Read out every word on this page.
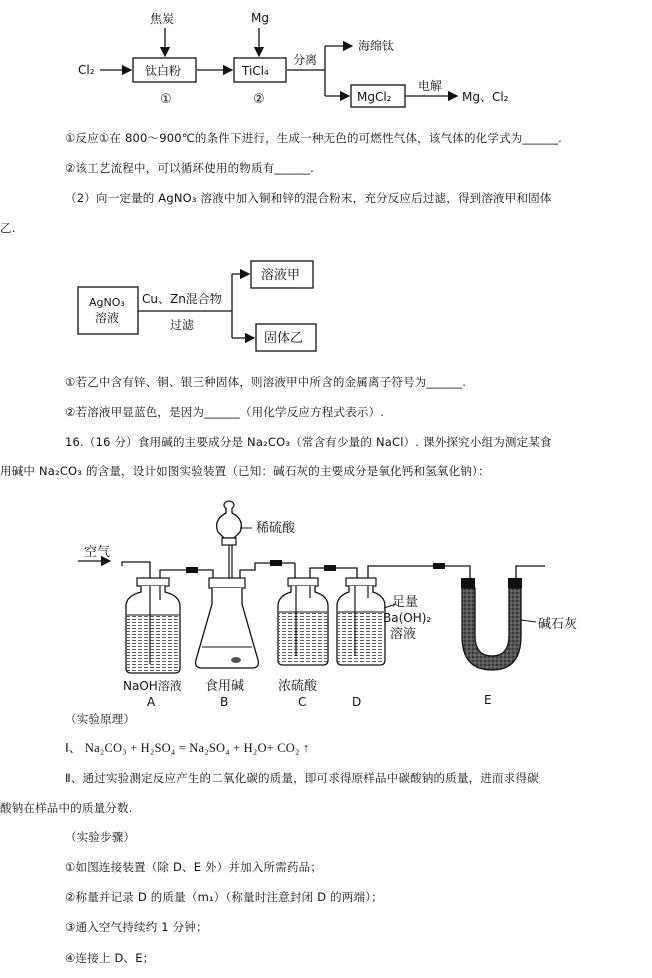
焦炭	Mg
Cl₂	钛白粉	TiCl₄
分离
海绵钛
MgCl₂
电解
Mg、Cl₂
①	②
①反应①在 800～900℃的条件下进行，生成一种无色的可燃性气体，该气体的化学式为______.
②该工艺流程中，可以循环使用的物质有______.
（2）向一定量的 AgNO₃ 溶液中加入铜和锌的混合粉末，充分反应后过滤，得到溶液甲和固体
乙.
AgNO₃
溶液
Cu、Zn混合物
过滤
溶液甲
固体乙
①若乙中含有锌、铜、银三种固体，则溶液甲中所含的金属离子符号为______.
②若溶液甲显蓝色，是因为______（用化学反应方程式表示）.
16.（16 分）食用碱的主要成分是 Na₂CO₃（常含有少量的 NaCl）. 课外探究小组为测定某食
用碱中 Na₂CO₃ 的含量，设计如图实验装置（已知：碱石灰的主要成分是氧化钙和氢氧化钠）：
空气
稀硫酸
NaOH溶液 食用碱	浓硫酸
足量
Ba(OH)₂
溶液
碱石灰
A	B	C	D	E
（实验原理）
Ⅰ、 Na₂CO₃ + H₂SO₄ = Na₂SO₄ + H₂O+ CO₂ ↑
Ⅱ、通过实验测定反应产生的二氧化碳的质量，即可求得原样品中碳酸钠的质量，进而求得碳
酸钠在样品中的质量分数.
（实验步骤）
①如图连接装置（除 D、E 外）并加入所需药品；
②称量并记录 D 的质量（m₁）（称量时注意封闭 D 的两端）；
③通入空气持续约 1 分钟；
④连接上 D、E；
